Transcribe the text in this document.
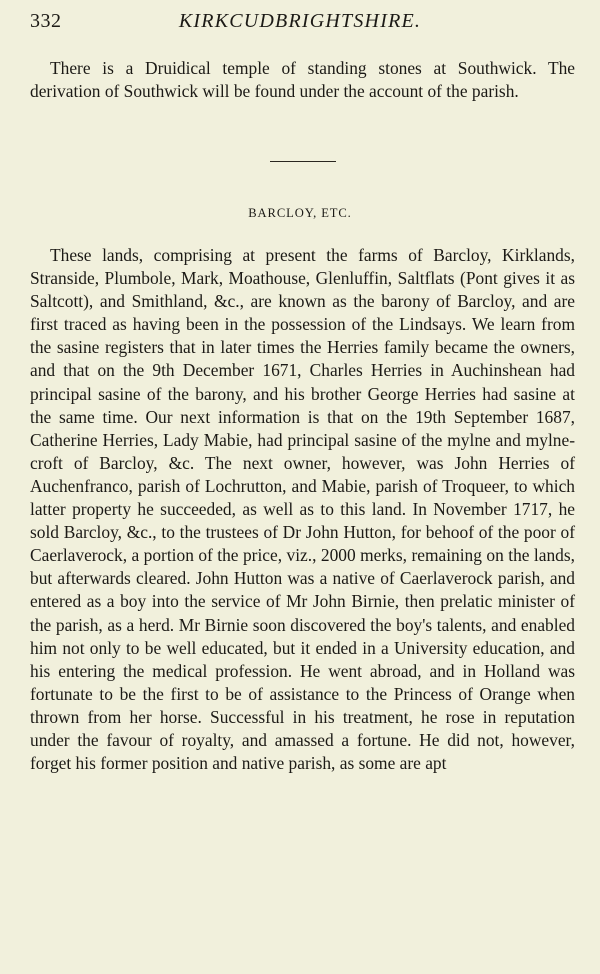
332	KIRKCUDBRIGHTSHIRE.

There is a Druidical temple of standing stones at Southwick. The derivation of Southwick will be found under the account of the parish.

BARCLOY, ETC.

These lands, comprising at present the farms of Barcloy, Kirklands, Stranside, Plumbole, Mark, Moathouse, Glenluffin, Saltflats (Pont gives it as Saltcott), and Smithland, &c., are known as the barony of Barcloy, and are first traced as having been in the possession of the Lindsays. We learn from the sasine registers that in later times the Herries family became the owners, and that on the 9th December 1671, Charles Herries in Auchinshean had principal sasine of the barony, and his brother George Herries had sasine at the same time. Our next information is that on the 19th September 1687, Catherine Herries, Lady Mabie, had principal sasine of the mylne and mylne-croft of Barcloy, &c. The next owner, however, was John Herries of Auchenfranco, parish of Lochrutton, and Mabie, parish of Troqueer, to which latter property he succeeded, as well as to this land. In November 1717, he sold Barcloy, &c., to the trustees of Dr John Hutton, for behoof of the poor of Caerlaverock, a portion of the price, viz., 2000 merks, remaining on the lands, but afterwards cleared. John Hutton was a native of Caerlaverock parish, and entered as a boy into the service of Mr John Birnie, then prelatic minister of the parish, as a herd. Mr Birnie soon discovered the boy's talents, and enabled him not only to be well educated, but it ended in a University education, and his entering the medical profession. He went abroad, and in Holland was fortunate to be the first to be of assistance to the Princess of Orange when thrown from her horse. Successful in his treatment, he rose in reputation under the favour of royalty, and amassed a fortune. He did not, however, forget his former position and native parish, as some are apt
